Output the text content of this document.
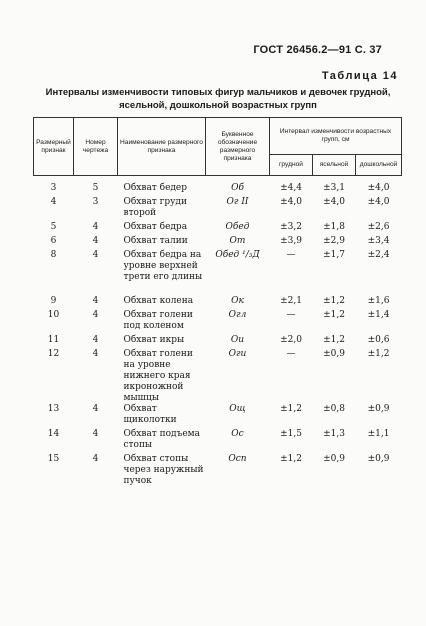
ГОСТ 26456.2—91 С. 37
Таблица 14
Интервалы изменчивости типовых фигур мальчиков и девочек грудной, ясельной, дошкольной возрастных групп
Размерный признак	Номер чертежа	Наименование размерного признака	Буквенное обозначение размерного признака	Интервал изменчивости возрастных групп, см		
				грудной	ясельной	дошкольной
3	5	Обхват бедер	Об	±4,4	±3,1	±4,0
4	3	Обхват груди второй	Ог II	±4,0	±4,0	±4,0
5	4	Обхват бедра	Обед	±3,2	±1,8	±2,6
6	4	Обхват талии	От	±3,9	±2,9	±3,4
8	4	Обхват бедра на уровне верхней трети его длины	Обед ¹/₃Д	—	±1,7	±2,4
9	4	Обхват колена	Ок	±2,1	±1,2	±1,6
10	4	Обхват голени под коленом	Огл	—	±1,2	±1,4
11	4	Обхват икры	Ои	±2,0	±1,2	±0,6
12	4	Обхват голени на уровне нижнего края икроножной мышцы	Оги	—	±0,9	±1,2
13	4	Обхват щиколотки	Ощ	±1,2	±0,8	±0,9
14	4	Обхват подъема стопы	Ос	±1,5	±1,3	±1,1
15	4	Обхват стопы через наружный пучок	Осп	±1,2	±0,9	±0,9
